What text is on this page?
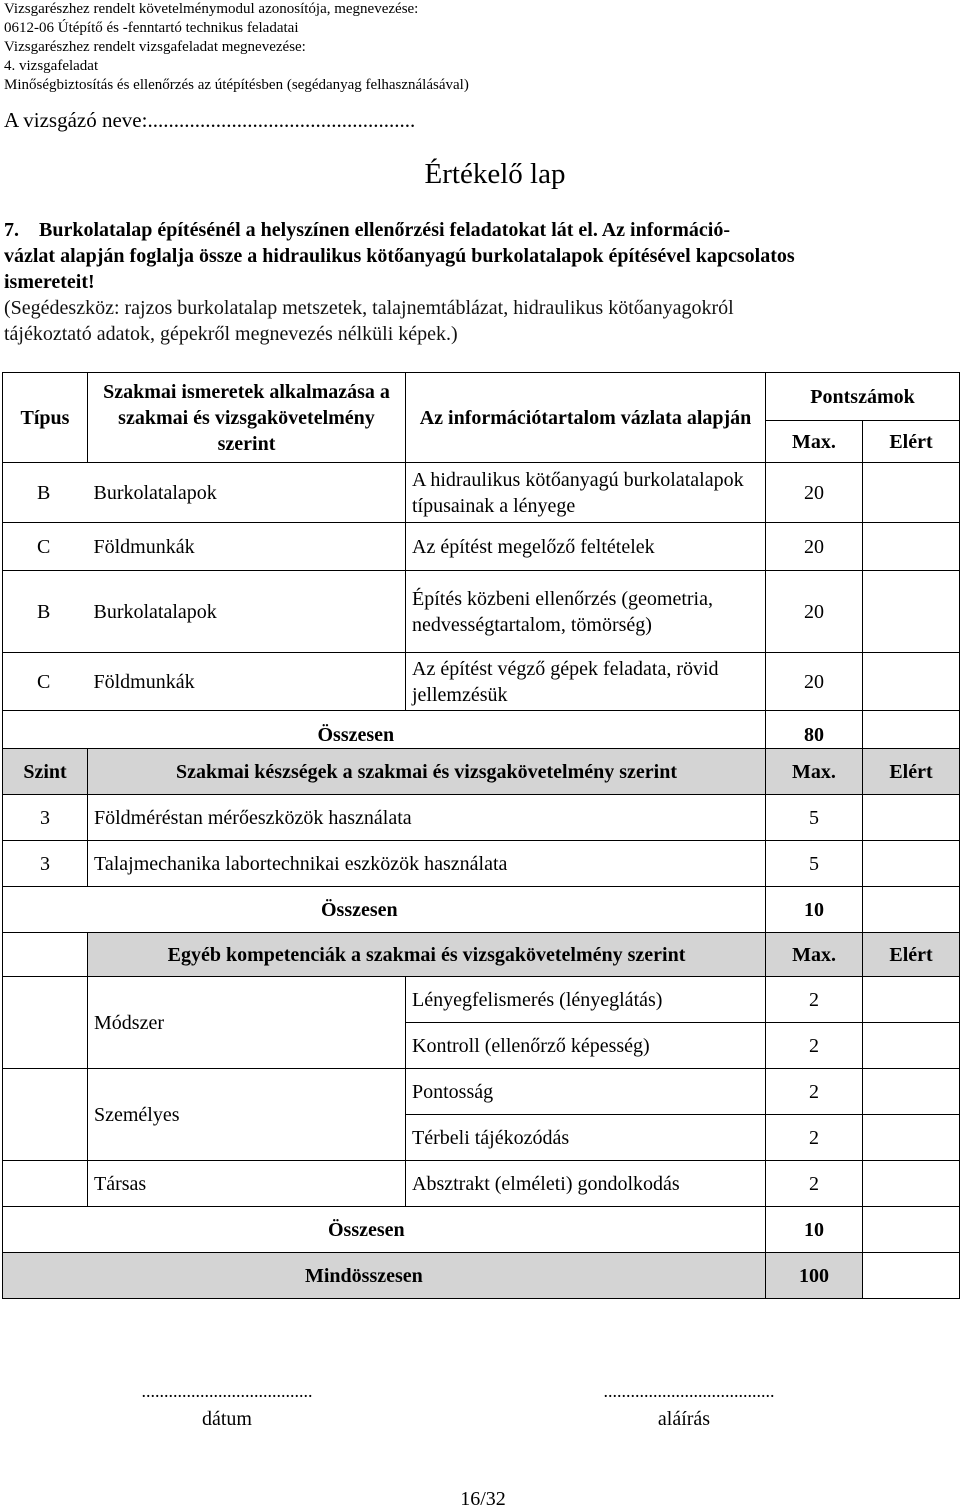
Vizsgarészhez rendelt követelménymodul azonosítója, megnevezése:
0612-06 Útépítő és -fenntartó technikus feladatai
Vizsgarészhez rendelt vizsgafeladat megnevezése:
4. vizsgafeladat
Minőségbiztosítás és ellenőrzés az útépítésben (segédanyag felhasználásával)
A vizsgázó neve:...................................................
Értékelő lap
7. Burkolatalap építésénél a helyszínen ellenőrzési feladatokat lát el. Az információ-
vázlat alapján foglalja össze a hidraulikus kötőanyagú burkolatalapok építésével kapcsolatos
ismereteit!
(Segédeszköz: rajzos burkolatalap metszetek, talajnemtáblázat, hidraulikus kötőanyagokról
tájékoztató adatok, gépekről megnevezés nélküli képek.)
Típus	Szakmai ismeretek alkalmazása a szakmai és vizsgakövetelmény szerint	Az információtartalom vázlata alapján	Pontszámok	
			Max.	Elért
B	Burkolatalapok	A hidraulikus kötőanyagú burkolatalapok típusainak a lényege	20	
C	Földmunkák	Az építést megelőző feltételek	20	
B	Burkolatalapok	Építés közbeni ellenőrzés (geometria, nedvességtartalom, tömörség)	20	
C	Földmunkák	Az építést végző gépek feladata, rövid jellemzésük	20	
		Összesen	80	
Szint	Szakmai készségek a szakmai és vizsgakövetelmény szerint	Max.	Elért
3	Földméréstan mérőeszközök használata	5	
3	Talajmechanika labortechnikai eszközök használata	5	
Összesen		10	
	Egyéb kompetenciák a szakmai és vizsgakövetelmény szerint		Max.	Elért
	Módszer	Lényegfelismerés (lényeglátás)	2	
		Kontroll (ellenőrző képesség)	2	
	Személyes	Pontosság	2	
		Térbeli tájékozódás	2	
	Társas	Absztrakt (elméleti) gondolkodás	2	
Összesen			10	
Mindösszesen			100	
......................................
dátum
......................................
aláírás
16/32
